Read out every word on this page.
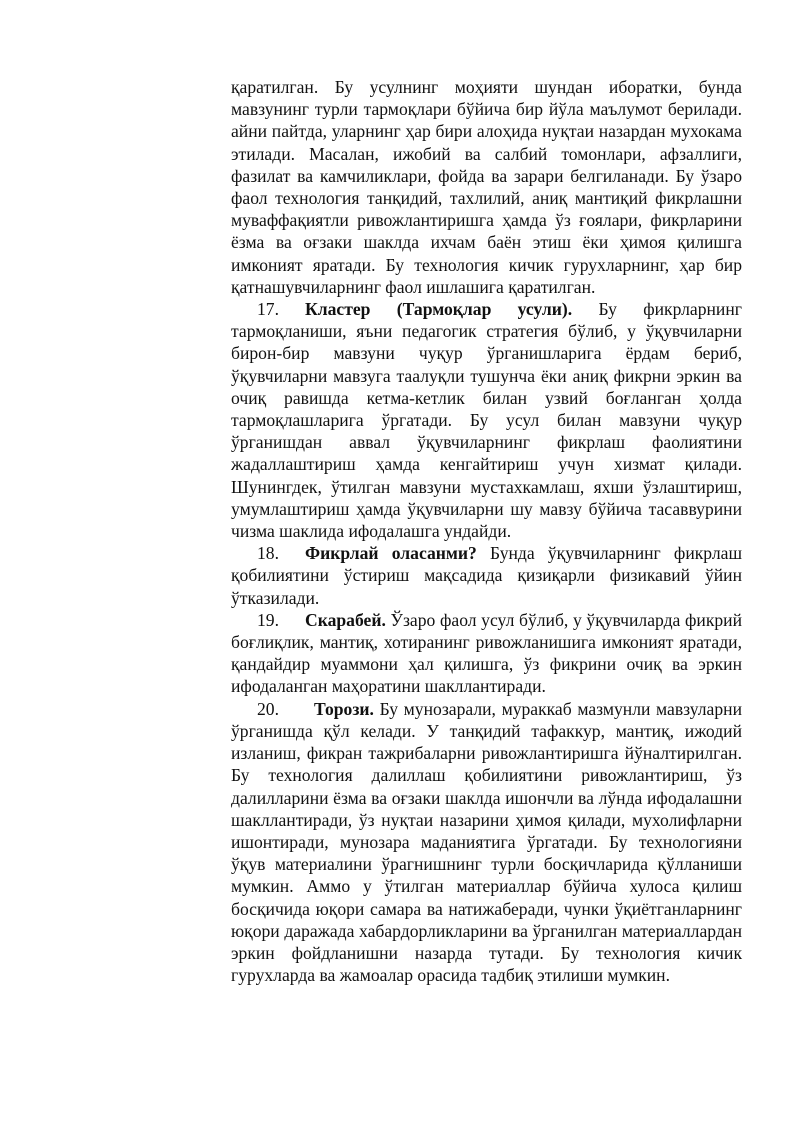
қаратилган. Бу усулнинг моҳияти шундан иборатки, бунда мавзунинг турли тармоқлари бўйича бир йўла маълумот берилади. айни пайтда, уларнинг ҳар бири алоҳида нуқтаи назардан мухокама этилади. Масалан, ижобий ва салбий томонлари, афзаллиги, фазилат ва камчиликлари, фойда ва зарари белгиланади. Бу ўзаро фаол технология танқидий, тахлилий, аниқ мантиқий фикрлашни муваффақиятли ривожлантиришга ҳамда ўз ғоялари, фикрларини ёзма ва оғзаки шаклда ихчам баён этиш ёки ҳимоя қилишга имконият яратади. Бу технология кичик гурухларнинг, ҳар бир қатнашувчиларнинг фаол ишлашига қаратилган.

17. Кластер (Тармоқлар усули). Бу фикрларнинг тармоқланиши, яъни педагогик стратегия бўлиб, у ўқувчиларни бирон-бир мавзуни чуқур ўрганишларига ёрдам бериб, ўқувчиларни мавзуга таалуқли тушунча ёки аниқ фикрни эркин ва очиқ равишда кетма-кетлик билан узвий боғланган ҳолда тармоқлашларига ўргатади. Бу усул билан мавзуни чуқур ўрганишдан аввал ўқувчиларнинг фикрлаш фаолиятини жадаллаштириш ҳамда кенгайтириш учун хизмат қилади. Шунингдек, ўтилган мавзуни мустахкамлаш, яхши ўзлаштириш, умумлаштириш ҳамда ўқувчиларни шу мавзу бўйича тасаввурини чизма шаклида ифодалашга ундайди.

18. Фикрлай оласанми? Бунда ўқувчиларнинг фикрлаш қобилиятини ўстириш мақсадида қизиқарли физикавий ўйин ўтказилади.

19. Скарабей. Ўзаро фаол усул бўлиб, у ўқувчиларда фикрий боғлиқлик, мантиқ, хотиранинг ривожланишига имконият яратади, қандайдир муаммони ҳал қилишга, ўз фикрини очиқ ва эркин ифодаланган маҳоратини шакллантиради.

20. Торози. Бу мунозарали, мураккаб мазмунли мавзуларни ўрганишда қўл келади. У танқидий тафаккур, мантиқ, ижодий изланиш, фикран тажрибаларни ривожлантиришга йўналтирилган. Бу технология далиллаш қобилиятини ривожлантириш, ўз далилларини ёзма ва оғзаки шаклда ишончли ва лўнда ифодалашни шакллантиради, ўз нуқтаи назарини ҳимоя қилади, мухолифларни ишонтиради, мунозара маданиятига ўргатади. Бу технологияни ўқув материалини ўрагнишнинг турли босқичларида қўлланиши мумкин. Аммо у ўтилган материаллар бўйича хулоса қилиш босқичида юқори самара ва натижаберади, чунки ўқиётганларнинг юқори даражада хабардорликларини ва ўрганилган материаллардан эркин фойдланишни назарда тутади. Бу технология кичик гурухларда ва жамоалар орасида тадбиқ этилиши мумкин.
